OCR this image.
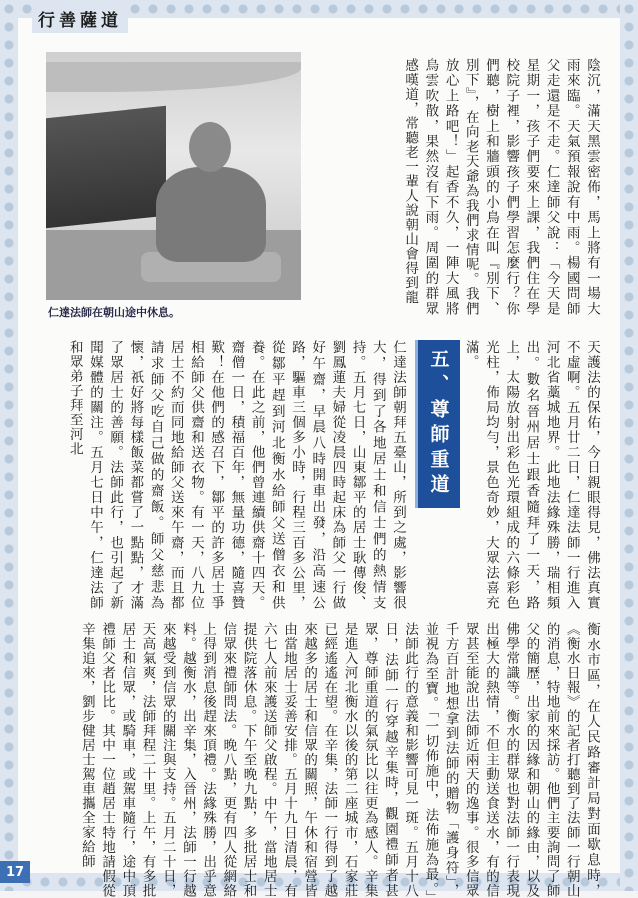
行善薩道
仁達法師在朝山途中休息。	陰沉，滿天黑雲密佈，馬上將有一場大雨來臨。天氣預報說有中雨。楊國問師父走還是不走。仁達師父說：「今天是星期一，孩子們要來上課，我們住在學校院子裡，影響孩子們學習怎麼行？你們聽，樹上和牆頭的小鳥在叫『別下、別下』，在向老天爺為我們求情呢。我們放心上路吧！」起香不久，一陣大風將烏雲吹散，果然沒有下雨。周圍的群眾感嘆道，常聽老一輩人說朝山會得到龍
天護法的保佑，今日親眼得見，佛法真實不虛啊。五月廿二日，仁達法師一行進入河北省藁城地界。此地法緣殊勝，瑞相頻出。數名晉州居士跟香隨拜了一天，路上，太陽放射出彩色光環組成的六條彩色光柱，佈局均勻，景色奇妙，大眾法喜充滿。
五、尊師重道
仁達法師朝拜五臺山，所到之處，影響很大，得到了各地居士和信士們的熱情支持。五月七日，山東鄒平的居士耿傳俊、劉鳳蓮夫婦從凌晨四時起床為師父一行做好午齋，早晨八時開車出發，沿高速公路，驅車三個多小時，行程三百多公里，從鄒平趕到河北衡水給師父送僧衣和供養。在此之前，他們曾連續供齋十四天。齋僧一日，積福百年，無量功德，隨喜贊歎！在他們的感召下，鄒平的許多居士爭相給師父供齋和送衣物。有一天，八九位居士不約而同地給師父送來午齋，而且都請求師父吃自己做的齋飯。師父慈悲為懷，祇好將每樣飯菜都嘗了一點點，才滿了眾居士的善願。法師此行，也引起了新聞媒體的關注。五月七日中午，仁達法師和眾弟子拜至河北
衡水市區，在人民路審計局對面歇息時，《衡水日報》的記者打聽到了法師一行朝山的消息，特地前來採訪。他們主要詢問了師父的簡歷，出家的因緣和朝山的緣由，以及佛學常識等。衡水的群眾也對法師一行表現出極大的熱情，不但主動送食送水，有的信眾甚至能說出法師近兩天的逸事。很多信眾千方百計地想拿到法師的贈物「護身符」，並視為至寶。「一切佈施中，法佈施為最。」法師此行的意義和影響可見一斑。五月十八日，法師一行穿越辛集時，觀園禮師者甚眾，尊師重道的氣氛比以往更為感人。辛集是進入河北衡水以後的第二座城市，石家莊已經遙遙在望。在辛集，法師一行得到了越來越多的居士和信眾的關照，午休和宿營皆由當地居士妥善安排。五月十九日清晨，有六七人前來護送師父啟程。中午，當地居士提供院落休息。下午至晚九點，多批居士和信眾來禮師問法。晚八點，更有四人從網絡上得到消息後趕來頂禮。法緣殊勝，出乎意料。越衡水，出辛集，入晉州，法師一行越來越受到信眾的關注與支持。五月二十日，天高氣爽，法師拜程二十里。上午，有多批居士和信眾，或騎車，或駕車隨行，途中頂禮師父者比比。其中一位趙居士特地請假從辛集追來，劉步健居士駕車攜全家給師
17
